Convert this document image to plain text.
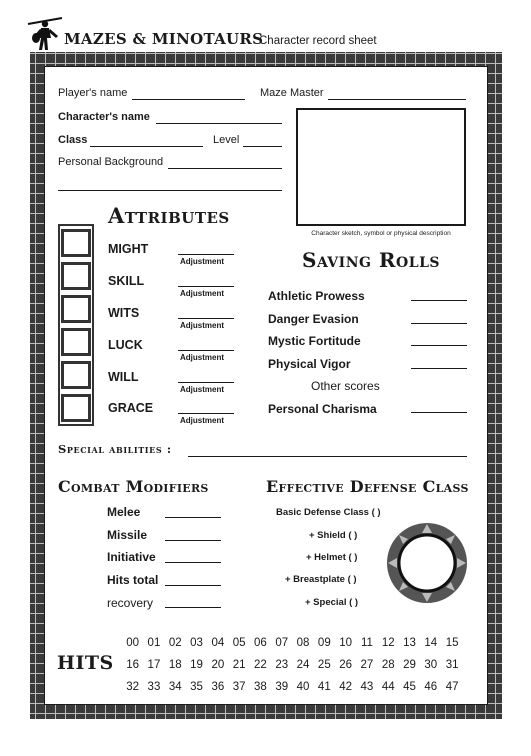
MAZES & MINOTAURS
Character record sheet
Player's name	Maze Master
Character's name
Class	Level
Personal Background
Character sketch, symbol or physical description
Attributes
MIGHT
SKILL
WITS
LUCK
WILL
GRACE
Adjustment
Adjustment
Adjustment
Adjustment
Adjustment
Adjustment
Saving Rolls
Athletic Prowess
Danger Evasion
Mystic Fortitude
Physical Vigor
Other scores
Personal Charisma
Special abilities :
Combat Modifiers
Melee
Missile
Initiative
Hits total
recovery
Effective Defense Class
Basic Defense Class ( )
+ Shield ( )
+ Helmet ( )
+ Breastplate ( )
+ Special ( )
HITS
00 01 02 03 04 05 06 07 08 09 10 11 12 13 14 15
16 17 18 19 20 21 22 23 24 25 26 27 28 29 30 31
32 33 34 35 36 37 38 39 40 41 42 43 44 45 46 47
